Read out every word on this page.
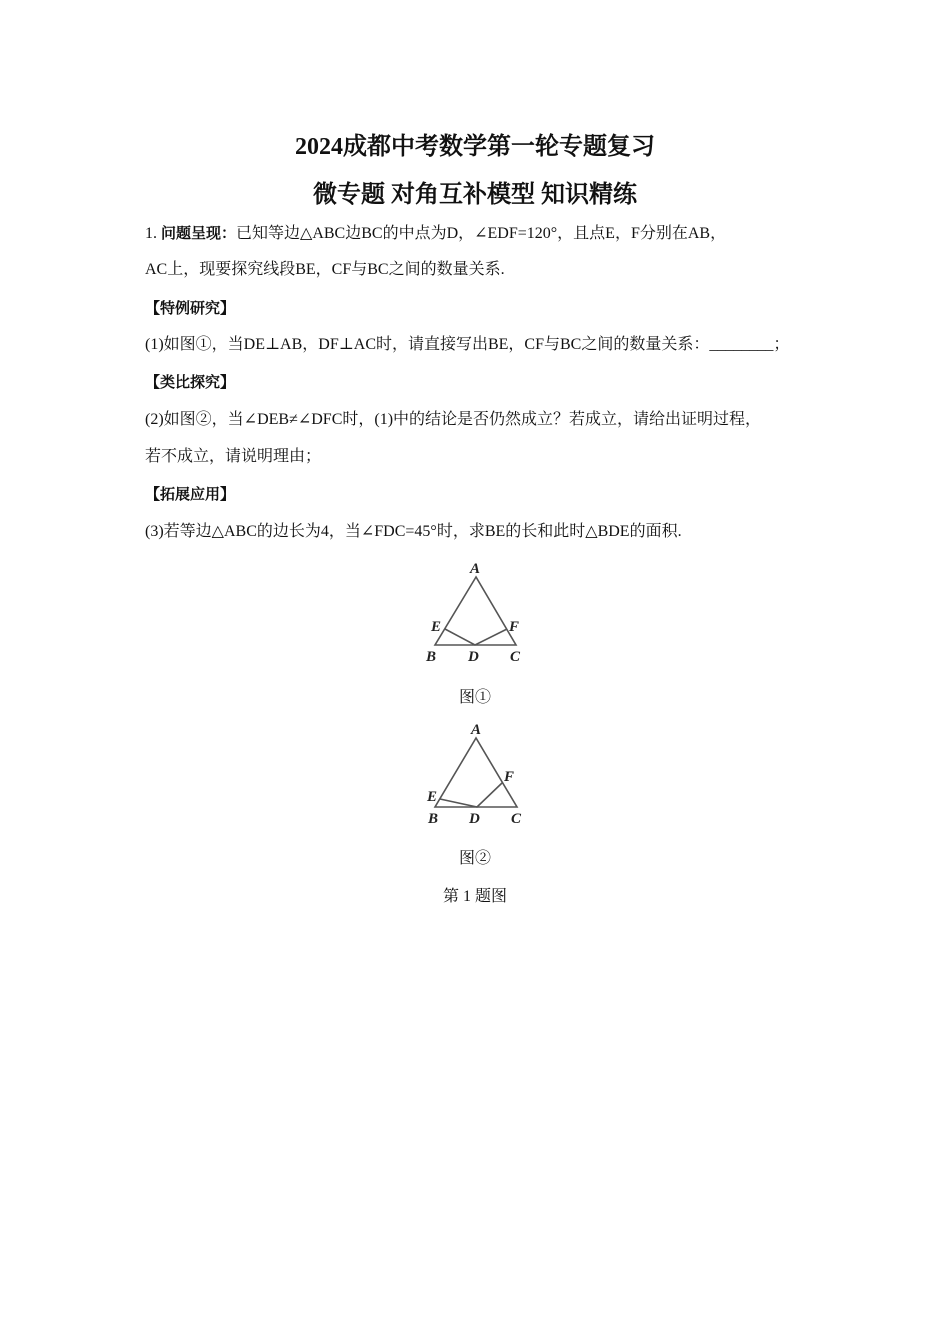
2024成都中考数学第一轮专题复习
微专题 对角互补模型 知识精练
1. 问题呈现：已知等边△ABC边BC的中点为D，∠EDF=120°，且点E，F分别在AB，
AC上，现要探究线段BE，CF与BC之间的数量关系.
【特例研究】
(1)如图①，当DE⊥AB，DF⊥AC时，请直接写出BE，CF与BC之间的数量关系：________；
【类比探究】
(2)如图②，当∠DEB≠∠DFC时，(1)中的结论是否仍然成立？若成立，请给出证明过程，
若不成立，请说明理由；
【拓展应用】
(3)若等边△ABC的边长为4，当∠FDC=45°时，求BE的长和此时△BDE的面积.
A
B D C
E	F
A
B D C
E
F
图①
图②
第 1 题图
